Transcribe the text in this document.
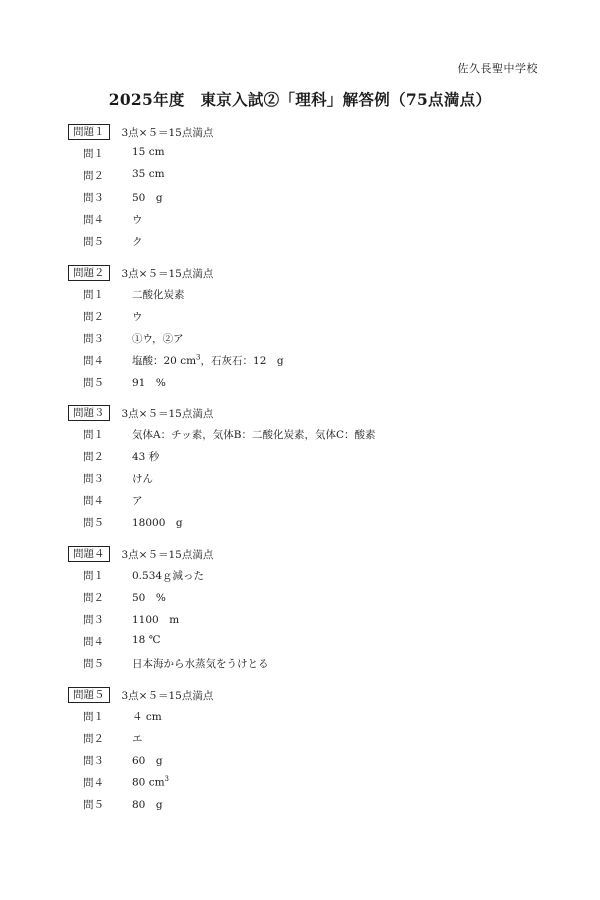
佐久長聖中学校
2025年度　東京入試②「理科」解答例（75点満点）
問題１	3点×５＝15点満点
問１	15 cm
問２	35 cm
問３	50　g
問４	ウ
問５	ク
問題２	3点×５＝15点満点
問１	二酸化炭素
問２	ウ
問３	①ウ，②ア
問４	塩酸：20 $cm^3$，石灰石：12　g
問５	91　%
問題３	3点×５＝15点満点
問１	気体A：チッ素，気体B：二酸化炭素，気体C：酸素
問２	43 秒
問３	けん
問４	ア
問５	18000　g
問題４	3点×５＝15点満点
問１	0.534ｇ減った
問２	50　%
問３	1100　m
問４	18 ℃
問５	日本海から水蒸気をうけとる
問題５	3点×５＝15点満点
問１	４ cm
問２	エ
問３	60　g
問４	80 $cm^3$
問５	80　g
